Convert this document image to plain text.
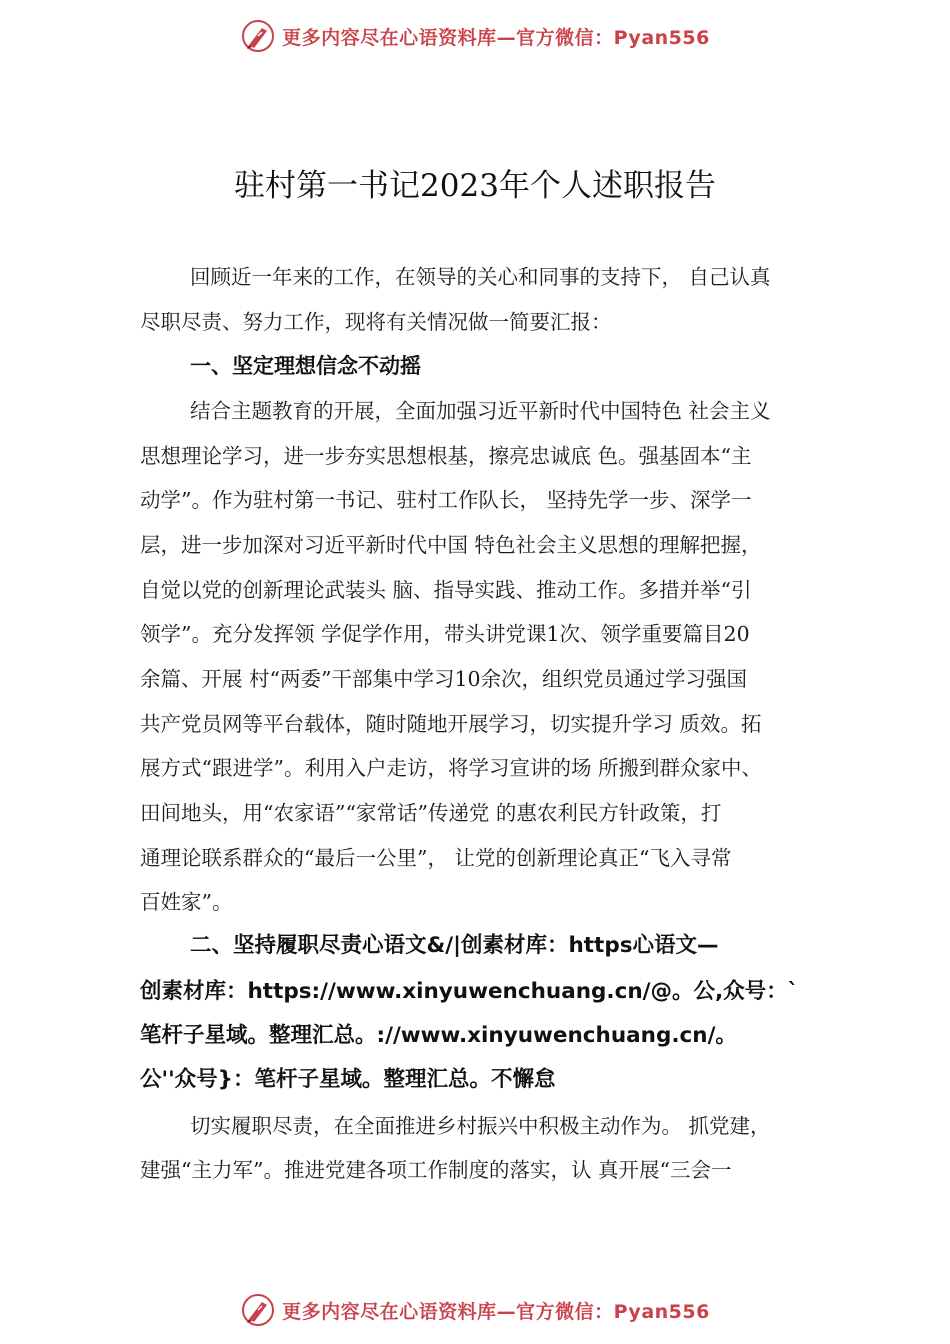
更多内容尽在心语资料库—官方微信：Pyan556
驻村第一书记2023年个人述职报告
回顾近一年来的工作，在领导的关心和同事的支持下， 自己认真
尽职尽责、努力工作，现将有关情况做一简要汇报：
一、坚定理想信念不动摇
结合主题教育的开展，全面加强习近平新时代中国特色 社会主义
思想理论学习，进一步夯实思想根基，擦亮忠诚底 色。强基固本“主
动学”。作为驻村第一书记、驻村工作队长， 坚持先学一步、深学一
层，进一步加深对习近平新时代中国 特色社会主义思想的理解把握，
自觉以党的创新理论武装头 脑、指导实践、推动工作。多措并举“引
领学”。充分发挥领 学促学作用，带头讲党课1次、领学重要篇目20
余篇、开展 村“两委”干部集中学习10余次，组织党员通过学习强国
共产党员网等平台载体，随时随地开展学习，切实提升学习 质效。拓
展方式“跟进学”。利用入户走访，将学习宣讲的场 所搬到群众家中、
田间地头，用“农家语”“家常话”传递党 的惠农利民方针政策，打
通理论联系群众的“最后一公里”， 让党的创新理论真正“飞入寻常
百姓家”。
二、坚持履职尽责心语文&/|创素材库：https心语文—
创素材库：https://www.xinyuwenchuang.cn/@。公,众号：`
笔杆子星域。整理汇总。://www.xinyuwenchuang.cn/。
公''众号}：笔杆子星域。整理汇总。不懈怠
切实履职尽责，在全面推进乡村振兴中积极主动作为。 抓党建，
建强“主力军”。推进党建各项工作制度的落实，认 真开展“三会一
更多内容尽在心语资料库—官方微信：Pyan556
